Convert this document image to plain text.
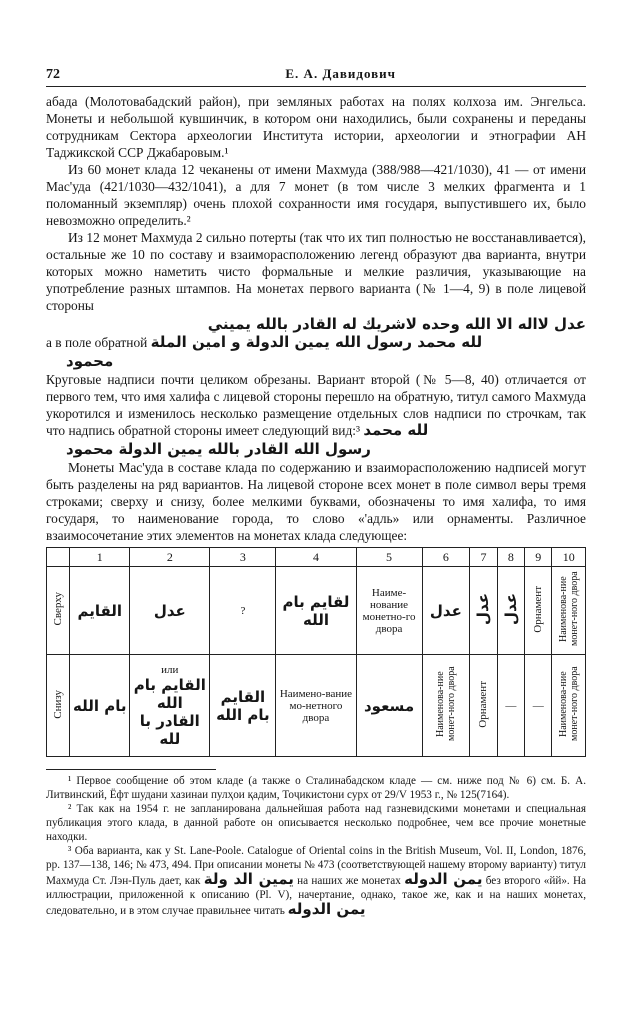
72	Е. А. Давидович

абада (Молотовабадский район), при земляных работах на полях колхоза им. Энгельса. Монеты и небольшой кувшинчик, в котором они находились, были сохранены и переданы сотрудникам Сектора археологии Института истории, археологии и этнографии АН Таджикской ССР Джабаровым.¹

Из 60 монет клада 12 чеканены от имени Махмуда (388/988—421/1030), 41 — от имени Мас'уда (421/1030—432/1041), а для 7 монет (в том числе 3 мелких фрагмента и 1 поломанный экземпляр) очень плохой сохранности имя государя, выпустившего их, было невозможно определить.²

Из 12 монет Махмуда 2 сильно потерты (так что их тип полностью не восстанавливается), остальные же 10 по составу и взаиморасположению легенд образуют два варианта, внутри которых можно наметить чисто формальные и мелкие различия, указывающие на употребление разных штампов. На монетах первого варианта (№ 1—4, 9) в поле лицевой стороны

عدل لااله الا الله وحده لاشريك له القادر بالله يميني

а в поле обратной لله محمد رسول الله يمين الدولة و امين الملة

محمود

Круговые надписи почти целиком обрезаны. Вариант второй (№ 5—8, 40) отличается от первого тем, что имя халифа с лицевой стороны перешло на обратную, титул самого Махмуда укоротился и изменилось несколько размещение отдельных слов надписи по строчкам, так что надпись обратной стороны имеет следующий вид:³ لله محمد

رسول الله القادر بالله يمين الدولة محمود

Монеты Мас'уда в составе клада по содержанию и взаиморасположению надписей могут быть разделены на ряд вариантов. На лицевой стороне всех монет в поле символ веры тремя строками; сверху и снизу, более мелкими буквами, обозначены то имя халифа, то имя государя, то наименование города, то слово «'адль» или орнаменты. Различное взаимосочетание этих элементов на монетах клада следующее:

	1	2	3	4	5	6	7	8	9	10
Сверху	القايم	عدل	?	لقايم بام الله	Наиме-нование монетно-го двора	عدل	عدل	عدل	Орнамент	Наименова-ние монет-ного двора
Снизу	بام الله	или
القايم بام الله
القادر با لله	القايم بام الله	Наимено-вание мо-нетного двора	مسعود	Наименова-ние монет-ного двора	Орнамент	—	—	Наименова-ние монет-ного двора

¹ Первое сообщение об этом кладе (а также о Сталинабадском кладе — см. ниже под № 6) см. Б. А. Литвинский, Ёфт шудани хазинаи пулҳои қадим, Тоҷикистони сурх от 29/V 1953 г., № 125(7164).

² Так как на 1954 г. не запланирована дальнейшая работа над газневидскими монетами и специальная публикация этого клада, в данной работе он описывается несколько подробнее, чем все прочие монетные находки.

³ Оба варианта, как у St. Lane-Poole. Catalogue of Oriental coins in the British Museum, Vol. II, London, 1876, pp. 137—138, 146; № 473, 494. При описании монеты № 473 (соответствующей нашему второму варианту) титул Махмуда Ст. Лэн-Пуль дает, как يمين الد ولة на наших же монетах يمن الدوله без второго «йй». На иллюстрации, приложенной к описанию (Pl. V), начертание, однако, такое же, как и на наших монетах, следовательно, и в этом случае правильнее читать يمن الدوله
